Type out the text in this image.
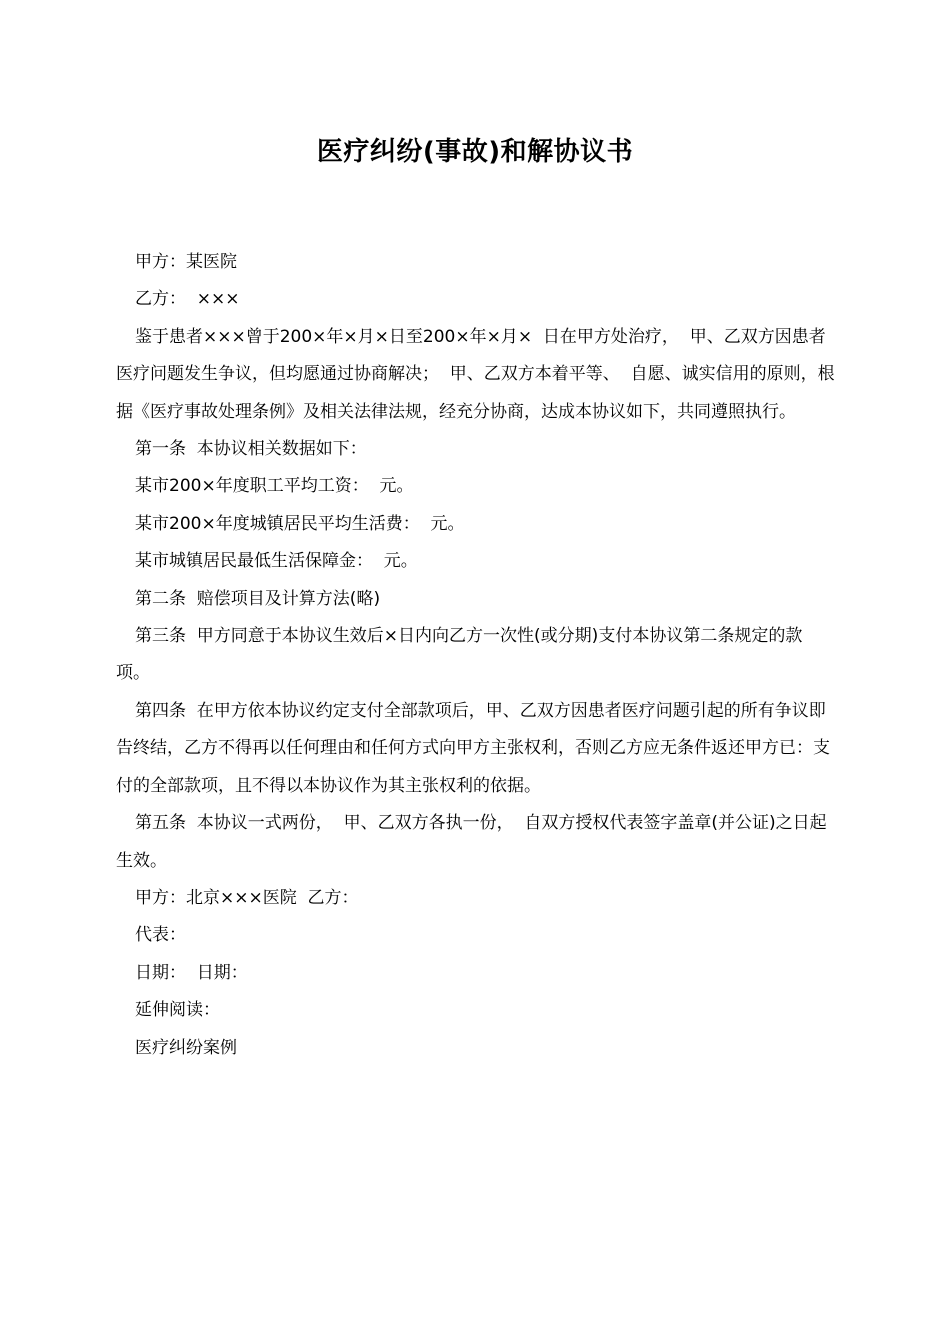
医疗纠纷(事故)和解协议书

甲方：某医院

乙方：  ×××

鉴于患者×××曾于200×年×月×日至200×年×月×  日在甲方处治疗，  甲、乙双方因患者医疗问题发生争议，但均愿通过协商解决；  甲、乙双方本着平等、  自愿、诚实信用的原则，根据《医疗事故处理条例》及相关法律法规，经充分协商，达成本协议如下，共同遵照执行。

第一条  本协议相关数据如下：

某市200×年度职工平均工资：  元。

某市200×年度城镇居民平均生活费：  元。

某市城镇居民最低生活保障金：  元。

第二条  赔偿项目及计算方法(略)

第三条  甲方同意于本协议生效后×日内向乙方一次性(或分期)支付本协议第二条规定的款项。

第四条  在甲方依本协议约定支付全部款项后，甲、乙双方因患者医疗问题引起的所有争议即告终结，乙方不得再以任何理由和任何方式向甲方主张权利，否则乙方应无条件返还甲方已：支付的全部款项，且不得以本协议作为其主张权利的依据。

第五条  本协议一式两份，  甲、乙双方各执一份，  自双方授权代表签字盖章(并公证)之日起生效。

甲方：北京×××医院  乙方：

代表：

日期：  日期：

延伸阅读：

医疗纠纷案例
